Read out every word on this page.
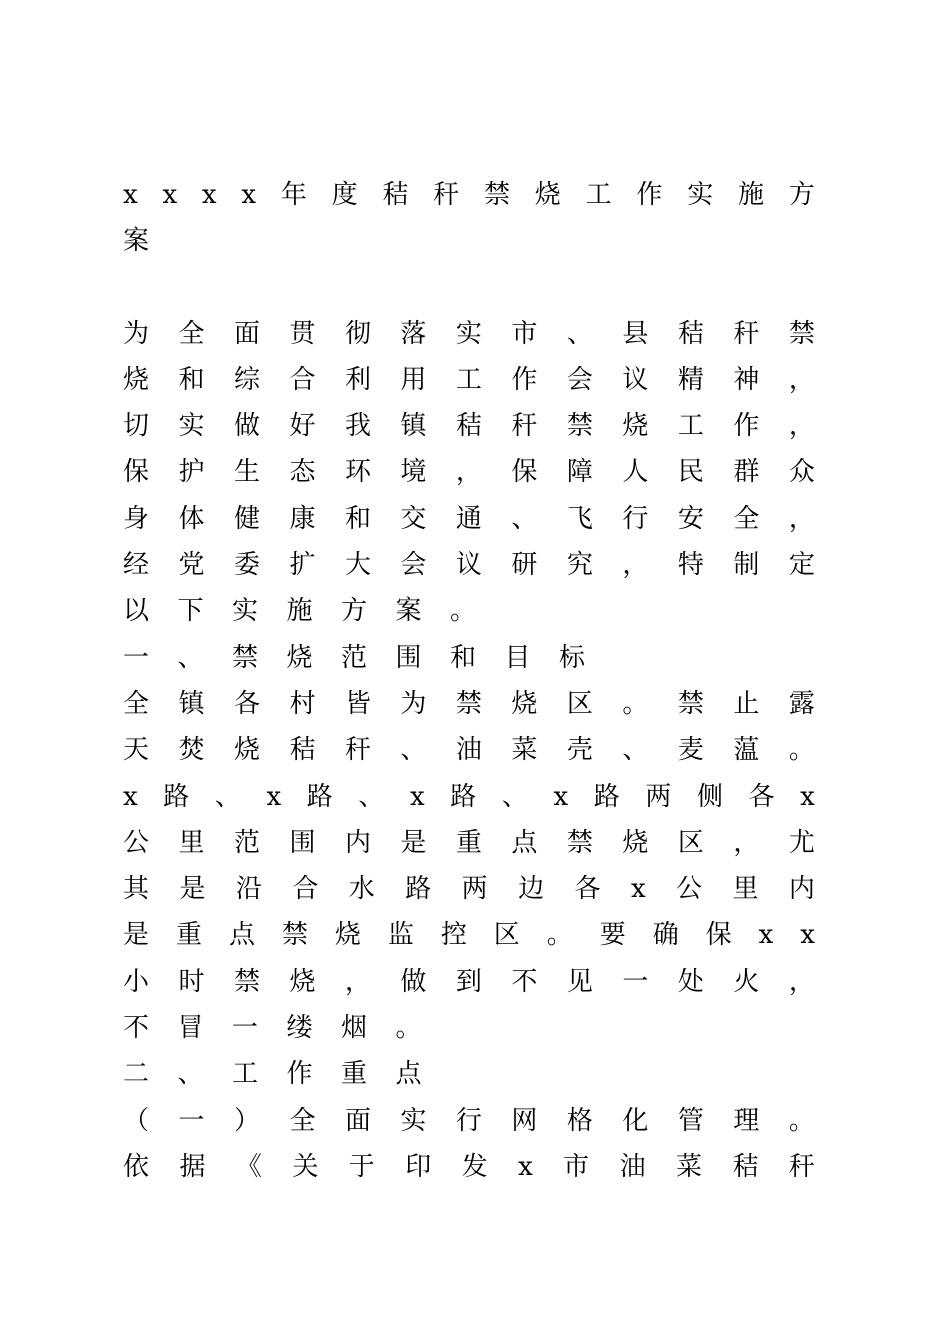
x x x x 年 度 秸 秆 禁 烧 工 作 实 施 方
案
为 全 面 贯 彻 落 实 市 、 县 秸 秆 禁
烧 和 综 合 利 用 工 作 会 议 精 神 ，
切 实 做 好 我 镇 秸 秆 禁 烧 工 作 ，
保 护 生 态 环 境 ， 保 障 人 民 群 众
身 体 健 康 和 交 通 、 飞 行 安 全 ，
经 党 委 扩 大 会 议 研 究 ， 特 制 定
以下实施方案。
一、禁烧范围和目标
全 镇 各 村 皆 为 禁 烧 区 。 禁 止 露
天 焚 烧 秸 秆 、 油 菜 壳 、 麦 蕰 。
x 路 、 x 路 、 x 路 、 x 路 两 侧 各 x
公 里 范 围 内 是 重 点 禁 烧 区 ， 尤
其 是 沿 合 水 路 两 边 各 x 公 里 内
是 重 点 禁 烧 监 控 区 。 要 确 保 x x
小 时 禁 烧 ， 做 到 不 见 一 处 火 ，
不冒一缕烟。
二、工作重点
（ 一 ） 全 面 实 行 网 格 化 管 理 。
依 据 《 关 于 印 发 x 市 油 菜 秸 秆
